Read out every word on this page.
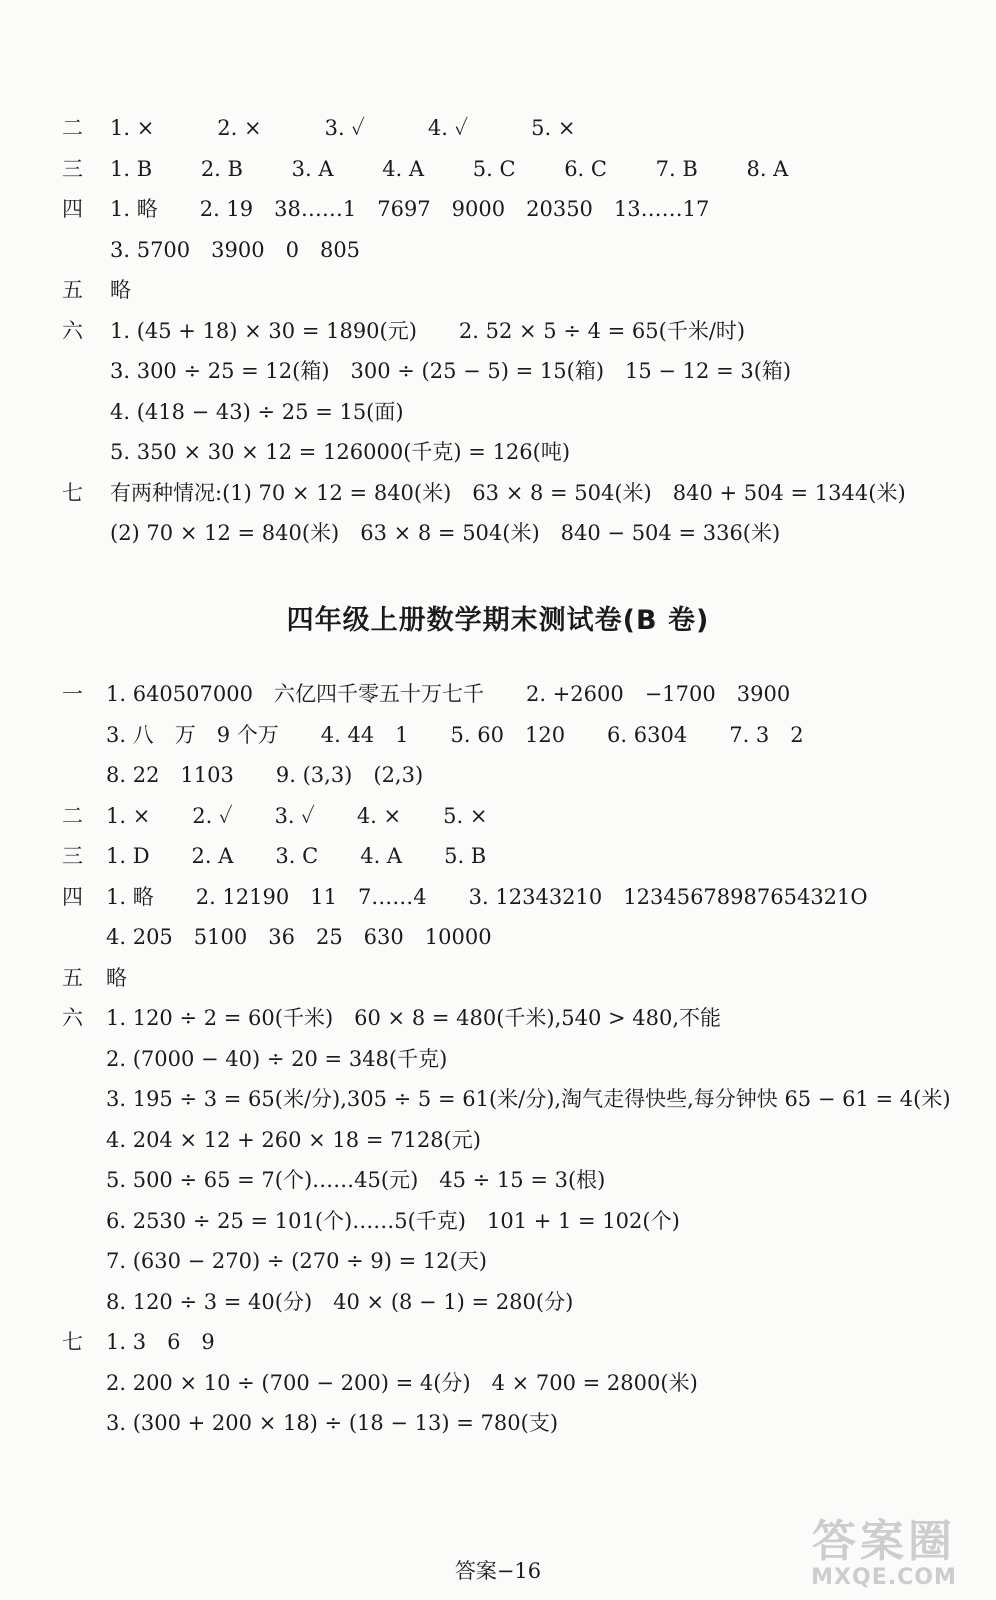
二	1. ×　　　2. ×　　　3. ✓　　　4. ✓　　　5. ×
三	1. B　　 2. B　　 3. A　　 4. A　　 5. C　　 6. C　　 7. B　　 8. A
四	1. 略　　2. 19　38……1　7697　9000　20350　13……17
3. 5700　3900　0　805
五	略
六	1. (45 + 18) × 30 = 1890(元)　　2. 52 × 5 ÷ 4 = 65(千米/时)
3. 300 ÷ 25 = 12(箱)　300 ÷ (25 − 5) = 15(箱)　15 − 12 = 3(箱)
4. (418 − 43) ÷ 25 = 15(面)
5. 350 × 30 × 12 = 126000(千克) = 126(吨)
七	有两种情况:(1) 70 × 12 = 840(米)　63 × 8 = 504(米)　840 + 504 = 1344(米)
(2) 70 × 12 = 840(米)　63 × 8 = 504(米)　840 − 504 = 336(米)
四年级上册数学期末测试卷(B 卷)
一	1. 640507000　六亿四千零五十万七千　　2. +2600　−1700　3900
3. 八　万　9 个万　　4. 44　1　　5. 60　120　　6. 6304　　7. 3　2
8. 22　1103　　9. (3,3)　(2,3)
二	1. ×　　2. ✓　　3. ✓　　4. ×　　5. ×
三	1. D　　2. A　　3. C　　4. A　　5. B
四	1. 略　　2. 12190　11　7……4　　3. 12343210　12345678987654321O
4. 205　5100　36　25　630　10000
五	略
六	1. 120 ÷ 2 = 60(千米)　60 × 8 = 480(千米),540 > 480,不能
2. (7000 − 40) ÷ 20 = 348(千克)
3. 195 ÷ 3 = 65(米/分),305 ÷ 5 = 61(米/分),淘气走得快些,每分钟快 65 − 61 = 4(米)
4. 204 × 12 + 260 × 18 = 7128(元)
5. 500 ÷ 65 = 7(个)……45(元)　45 ÷ 15 = 3(根)
6. 2530 ÷ 25 = 101(个)……5(千克)　101 + 1 = 102(个)
7. (630 − 270) ÷ (270 ÷ 9) = 12(天)
8. 120 ÷ 3 = 40(分)　40 × (8 − 1) = 280(分)
七	1. 3　6　9
2. 200 × 10 ÷ (700 − 200) = 4(分)　4 × 700 = 2800(米)
3. (300 + 200 × 18) ÷ (18 − 13) = 780(支)
答案−16
答案圈
MXQE.COM
